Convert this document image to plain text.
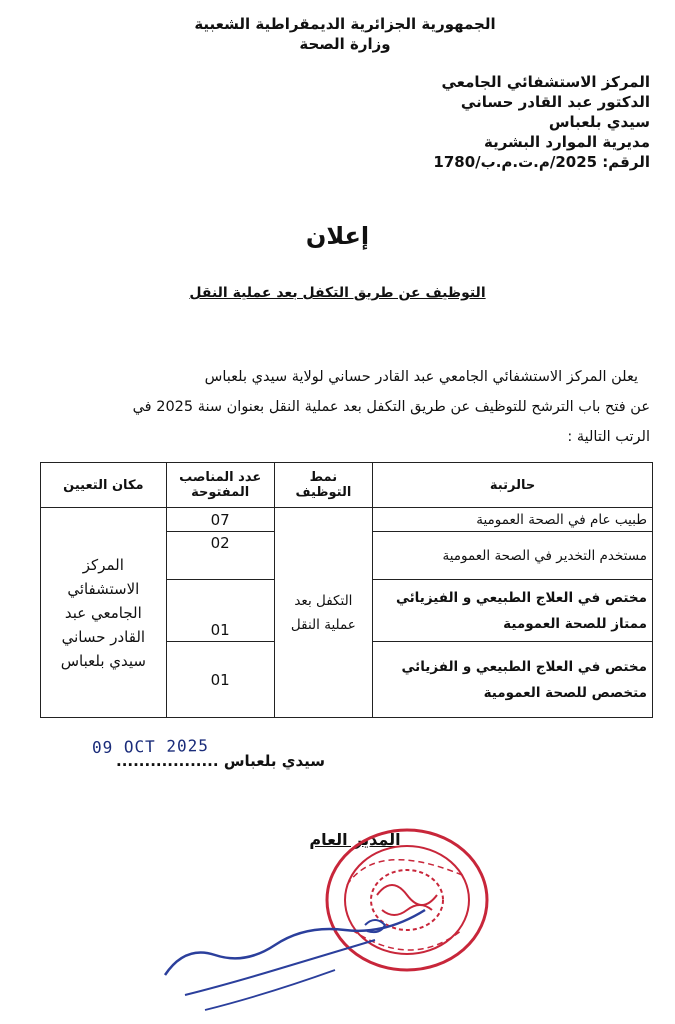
الجمهورية الجزائرية الديمقراطية الشعبية
وزارة الصحة
المركز الاستشفائي الجامعي
الدكتور عبد القادر حساني
سيدي بلعباس
مديرية الموارد البشرية
الرقم: 2025/م.ت.م.ب/1780
إعلان
التوظيف عن طريق التكفل بعد عملية النقل
يعلن المركز الاستشفائي الجامعي عبد القادر حساني لولاية سيدي بلعباس
عن فتح باب الترشح للتوظيف عن طريق التكفل بعد عملية النقل بعنوان سنة 2025 في
الرتب التالية :
حالرتبة	نمط التوظيف	عدد المناصب المفتوحة	مكان التعيين
طبيب عام في الصحة العمومية	التكفل بعد عملية النقل	07	المركز الاستشفائي الجامعي عبد القادر حساني سيدي بلعباس
مستخدم التخدير في الصحة العمومية		02	
مختص في العلاج الطبيعي و الفيزيائي ممتاز للصحة العمومية		01	
مختص في العلاج الطبيعي و الفزيائي متخصص للصحة العمومية		01	
09 OCT 2025
سيدي بلعباس ..................
المدير العام
